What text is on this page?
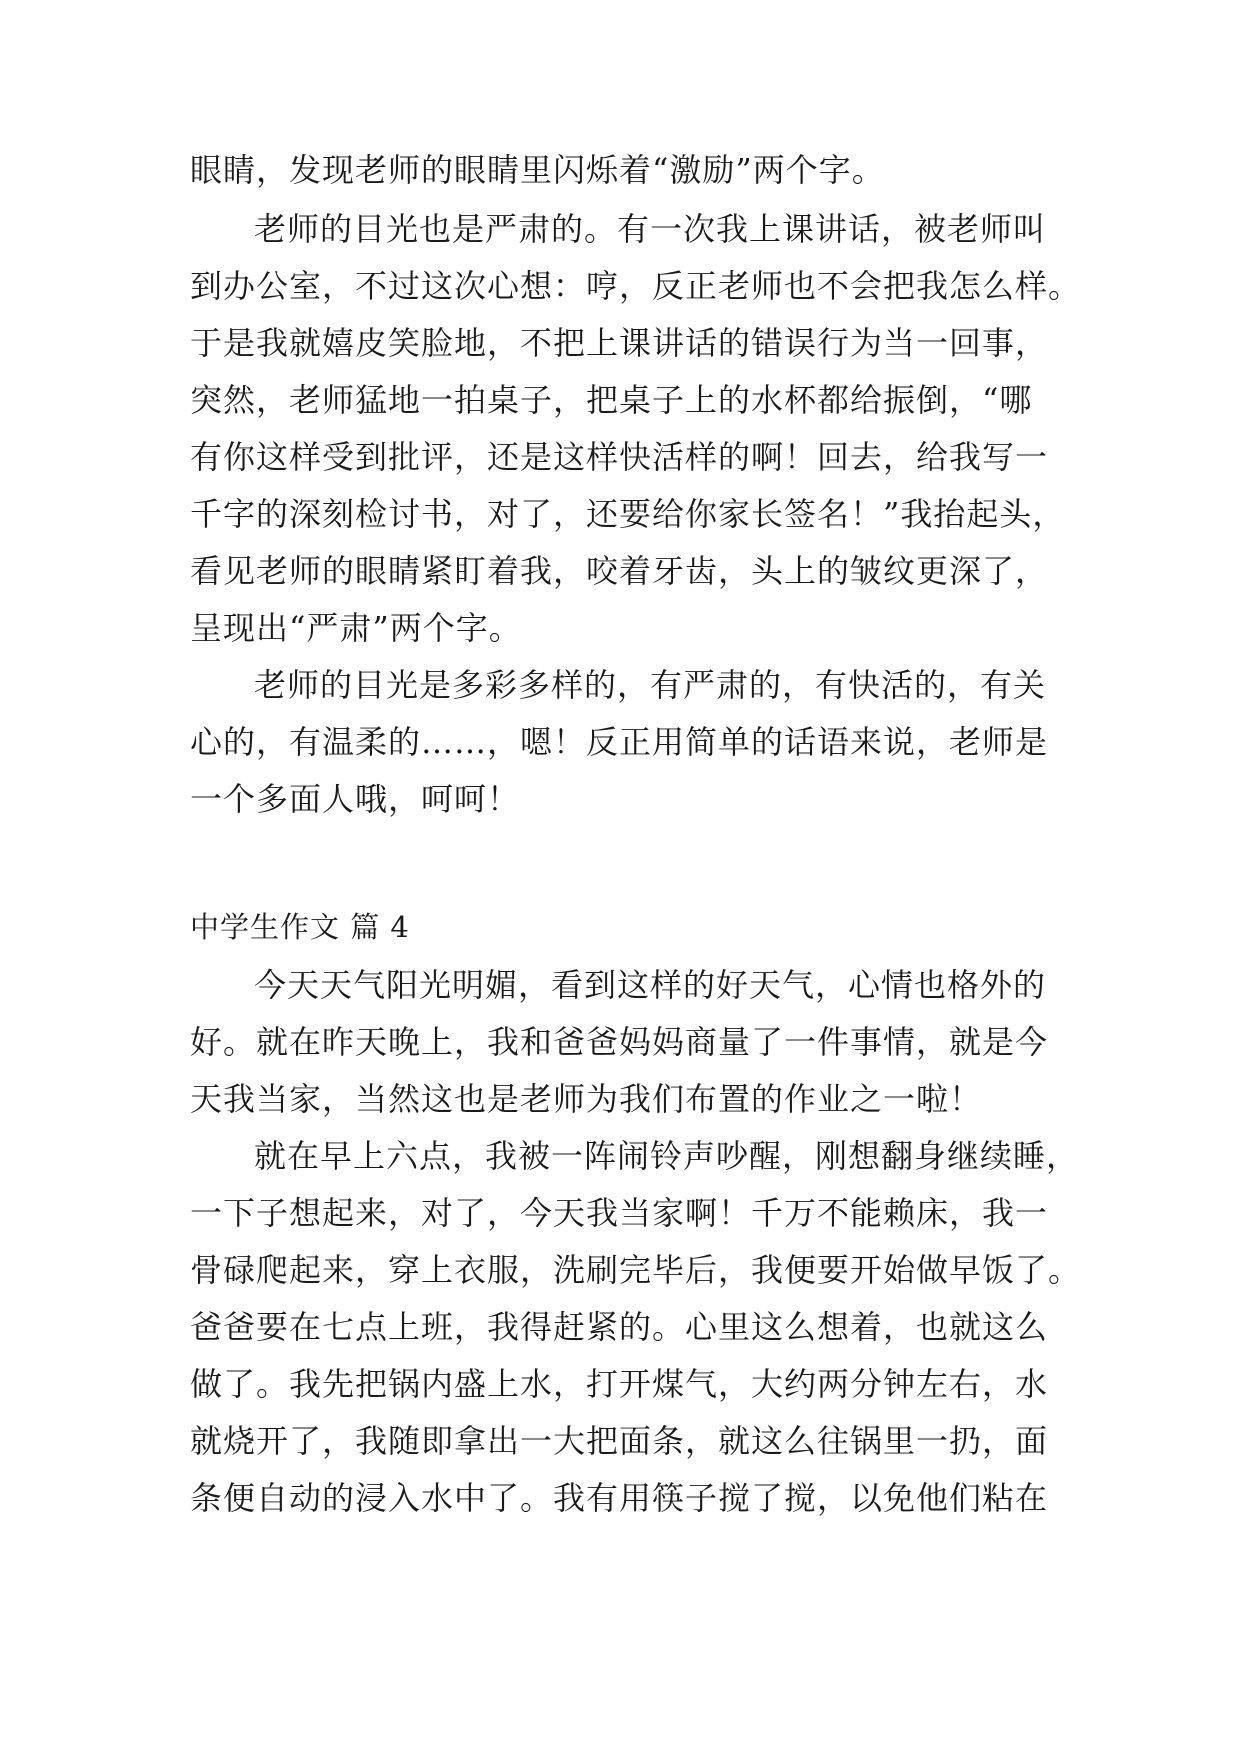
眼睛，发现老师的眼睛里闪烁着“激励”两个字。
老师的目光也是严肃的。有一次我上课讲话，被老师叫
到办公室，不过这次心想：哼，反正老师也不会把我怎么样。
于是我就嬉皮笑脸地，不把上课讲话的错误行为当一回事，
突然，老师猛地一拍桌子，把桌子上的水杯都给振倒，“哪
有你这样受到批评，还是这样快活样的啊！回去，给我写一
千字的深刻检讨书，对了，还要给你家长签名！”我抬起头，
看见老师的眼睛紧盯着我，咬着牙齿，头上的皱纹更深了，
呈现出“严肃”两个字。
老师的目光是多彩多样的，有严肃的，有快活的，有关
心的，有温柔的……，嗯！反正用简单的话语来说，老师是
一个多面人哦，呵呵！
中学生作文 篇 4
今天天气阳光明媚，看到这样的好天气，心情也格外的
好。就在昨天晚上，我和爸爸妈妈商量了一件事情，就是今
天我当家，当然这也是老师为我们布置的作业之一啦！
就在早上六点，我被一阵闹铃声吵醒，刚想翻身继续睡，
一下子想起来，对了，今天我当家啊！千万不能赖床，我一
骨碌爬起来，穿上衣服，洗刷完毕后，我便要开始做早饭了。
爸爸要在七点上班，我得赶紧的。心里这么想着，也就这么
做了。我先把锅内盛上水，打开煤气，大约两分钟左右，水
就烧开了，我随即拿出一大把面条，就这么往锅里一扔，面
条便自动的浸入水中了。我有用筷子搅了搅，以免他们粘在
